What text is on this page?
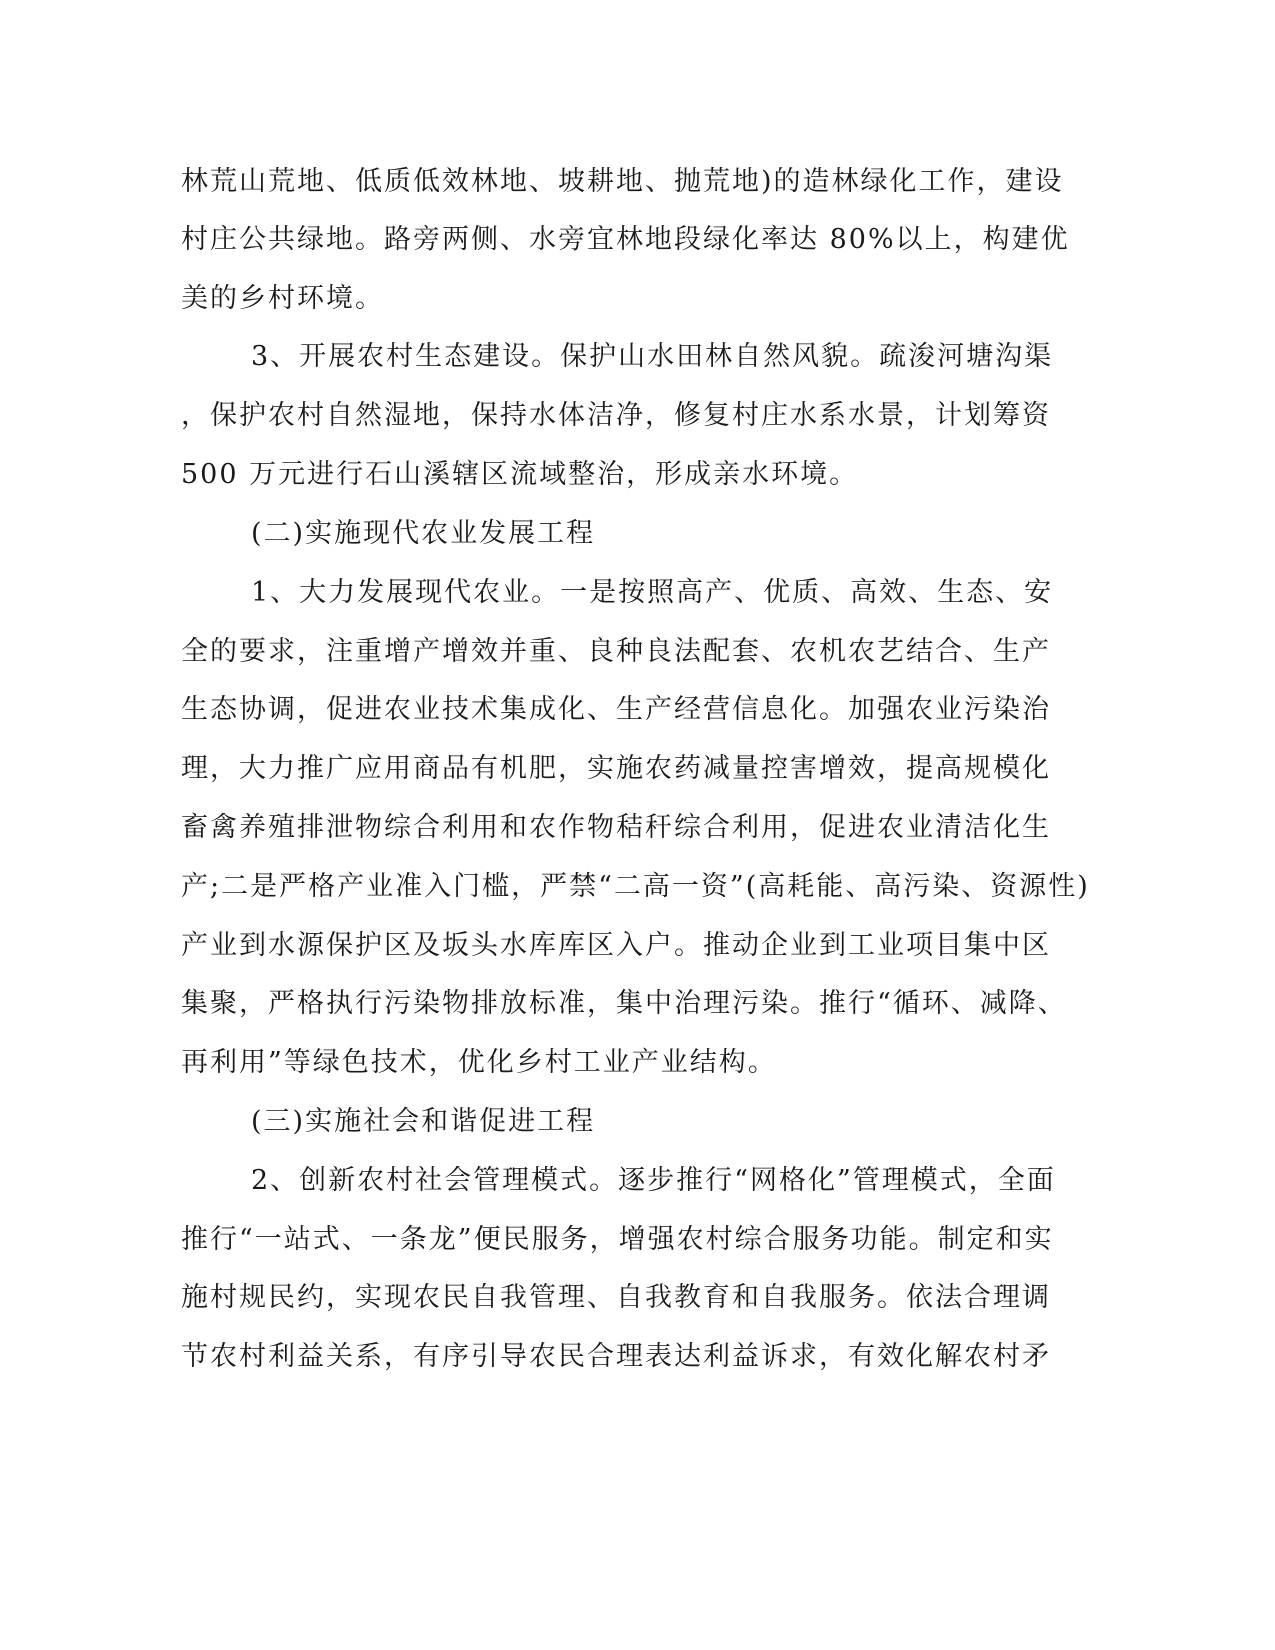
林荒山荒地、低质低效林地、坡耕地、抛荒地)的造林绿化工作，建设
村庄公共绿地。路旁两侧、水旁宜林地段绿化率达 80%以上，构建优
美的乡村环境。
3、开展农村生态建设。保护山水田林自然风貌。疏浚河塘沟渠
，保护农村自然湿地，保持水体洁净，修复村庄水系水景，计划筹资
500 万元进行石山溪辖区流域整治，形成亲水环境。
(二)实施现代农业发展工程
1、大力发展现代农业。一是按照高产、优质、高效、生态、安
全的要求，注重增产增效并重、良种良法配套、农机农艺结合、生产
生态协调，促进农业技术集成化、生产经营信息化。加强农业污染治
理，大力推广应用商品有机肥，实施农药减量控害增效，提高规模化
畜禽养殖排泄物综合利用和农作物秸秆综合利用，促进农业清洁化生
产;二是严格产业准入门槛，严禁“二高一资”(高耗能、高污染、资源性)
产业到水源保护区及坂头水库库区入户。推动企业到工业项目集中区
集聚，严格执行污染物排放标准，集中治理污染。推行“循环、减降、
再利用”等绿色技术，优化乡村工业产业结构。
(三)实施社会和谐促进工程
2、创新农村社会管理模式。逐步推行“网格化”管理模式，全面
推行“一站式、一条龙”便民服务，增强农村综合服务功能。制定和实
施村规民约，实现农民自我管理、自我教育和自我服务。依法合理调
节农村利益关系，有序引导农民合理表达利益诉求，有效化解农村矛
